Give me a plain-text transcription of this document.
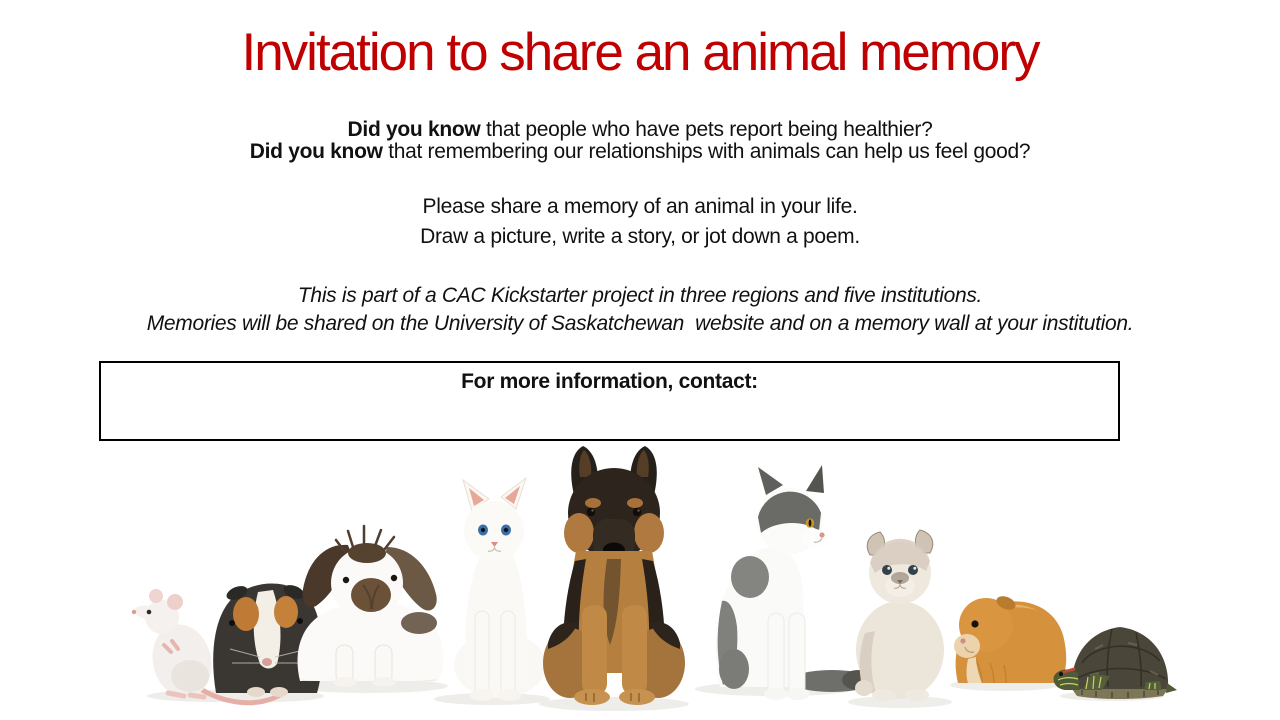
Invitation to share an animal memory

Did you know that people who have pets report being healthier?

Did you know that remembering our relationships with animals can help us feel good?

Please share a memory of an animal in your life.

Draw a picture, write a story, or jot down a poem.

This is part of a CAC Kickstarter project in three regions and five institutions.

Memories will be shared on the University of Saskatchewan  website and on a memory wall at your institution.

For more information, contact:
